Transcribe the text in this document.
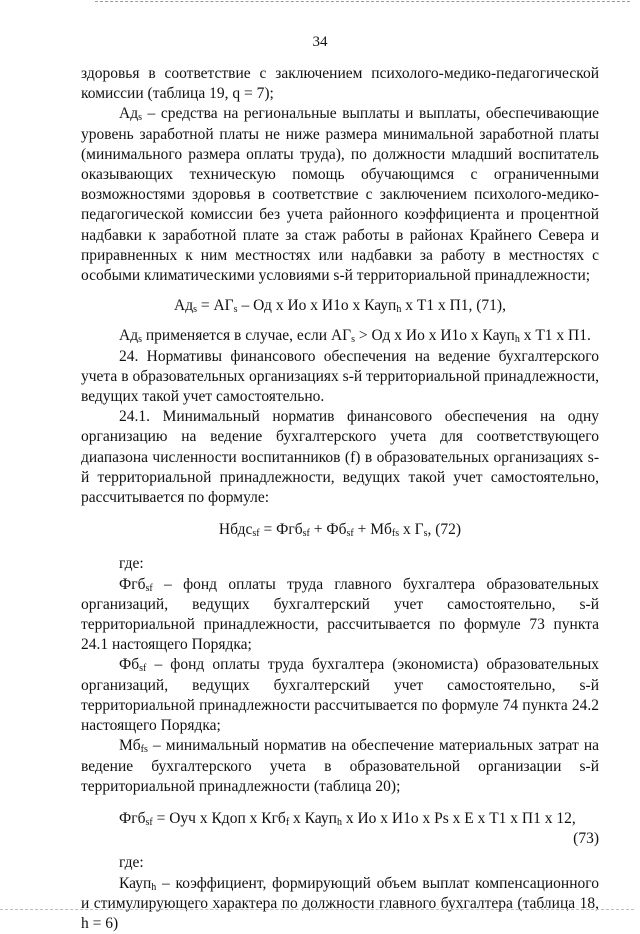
34

здоровья в соответствие с заключением психолого-медико-педагогической комиссии (таблица 19, q = 7);

$Ад_s$ – средства на региональные выплаты и выплаты, обеспечивающие уровень заработной платы не ниже размера минимальной заработной платы (минимального размера оплаты труда), по должности младший воспитатель оказывающих техническую помощь обучающимся с ограниченными возможностями здоровья в соответствие с заключением психолого-медико-педагогической комиссии без учета районного коэффициента и процентной надбавки к заработной плате за стаж работы в районах Крайнего Севера и приравненных к ним местностях или надбавки за работу в местностях с особыми климатическими условиями s-й территориальной принадлежности;

$Ад_s = АГ_s$ – Од x Ио x И1о x Кауп$_h$ x Т1 x П1, (71),

$Ад_s$ применяется в случае, если $АГ_s$ > Од x Ио x И1о x Кауп$_h$ x Т1 x П1.

24. Нормативы финансового обеспечения на ведение бухгалтерского учета в образовательных организациях s-й территориальной принадлежности, ведущих такой учет самостоятельно.

24.1. Минимальный норматив финансового обеспечения на одну организацию на ведение бухгалтерского учета для соответствующего диапазона численности воспитанников (f) в образовательных организациях s-й территориальной принадлежности, ведущих такой учет самостоятельно, рассчитывается по формуле:

Нбдс$_{sf}$ = $Фгб_{sf} + Фб_{sf} + Мб_{fs}$ x $Г_s$, (72)

где:

Фгб$_{sf}$ – фонд оплаты труда главного бухгалтера образовательных организаций, ведущих бухгалтерский учет самостоятельно, s-й территориальной принадлежности, рассчитывается по формуле 73 пункта 24.1 настоящего Порядка;

$Фб_{sf}$ – фонд оплаты труда бухгалтера (экономиста) образовательных организаций, ведущих бухгалтерский учет самостоятельно, s-й территориальной принадлежности рассчитывается по формуле 74 пункта 24.2 настоящего Порядка;

$Мб_{fs}$ – минимальный норматив на обеспечение материальных затрат на ведение бухгалтерского учета в образовательной организации s-й территориальной принадлежности (таблица 20);

Фгб$_{sf}$ = Оуч x Кдоп x Кгб$_f$ x Кауп$_h$ x Ио x И1о x Рs x Е x Т1 x П1 x 12,

(73)

где:

Кауп$_h$ – коэффициент, формирующий объем выплат компенсационного и стимулирующего характера по должности главного бухгалтера (таблица 18, h = 6)
